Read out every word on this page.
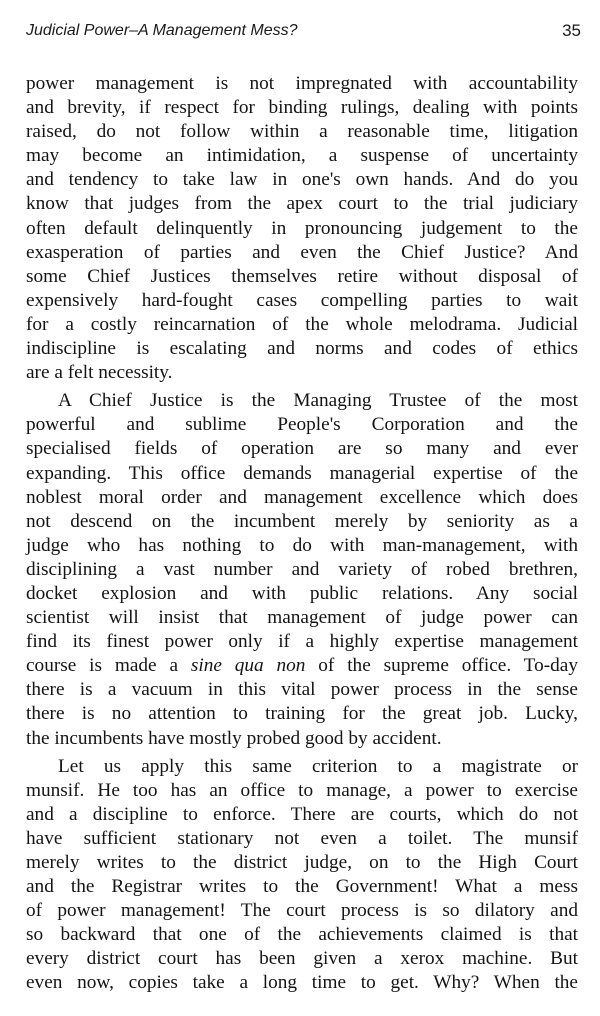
Judicial Power–A Management Mess?	35
power management is not impregnated with accountability
and brevity, if respect for binding rulings, dealing with points
raised, do not follow within a reasonable time, litigation
may become an intimidation, a suspense of uncertainty
and tendency to take law in one's own hands. And do you
know that judges from the apex court to the trial judiciary
often default delinquently in pronouncing judgement to the
exasperation of parties and even the Chief Justice? And
some Chief Justices themselves retire without disposal of
expensively hard-fought cases compelling parties to wait
for a costly reincarnation of the whole melodrama. Judicial
indiscipline is escalating and norms and codes of ethics
are a felt necessity.
A Chief Justice is the Managing Trustee of the most
powerful and sublime People's Corporation and the
specialised fields of operation are so many and ever
expanding. This office demands managerial expertise of the
noblest moral order and management excellence which does
not descend on the incumbent merely by seniority as a
judge who has nothing to do with man-management, with
disciplining a vast number and variety of robed brethren,
docket explosion and with public relations. Any social
scientist will insist that management of judge power can
find its finest power only if a highly expertise management
course is made a sine qua non of the supreme office. To-day
there is a vacuum in this vital power process in the sense
there is no attention to training for the great job. Lucky,
the incumbents have mostly probed good by accident.
Let us apply this same criterion to a magistrate or
munsif. He too has an office to manage, a power to exercise
and a discipline to enforce. There are courts, which do not
have sufficient stationary not even a toilet. The munsif
merely writes to the district judge, on to the High Court
and the Registrar writes to the Government! What a mess
of power management! The court process is so dilatory and
so backward that one of the achievements claimed is that
every district court has been given a xerox machine. But
even now, copies take a long time to get. Why? When the
